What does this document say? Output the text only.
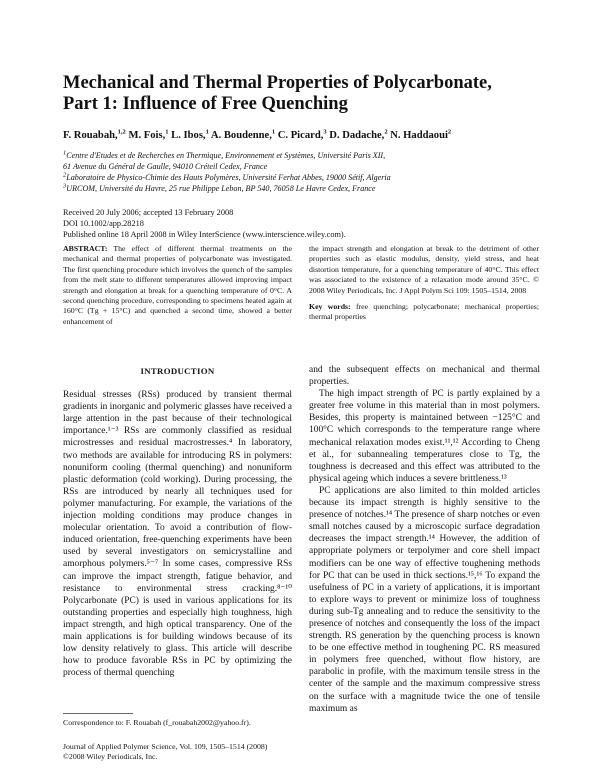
Mechanical and Thermal Properties of Polycarbonate,
Part 1: Influence of Free Quenching
F. Rouabah,$^{1,2}$ M. Fois,$^1$ L. Ibos,$^1$ A. Boudenne,$^1$ C. Picard,$^3$ D. Dadache,$^2$ N. Haddaoui$^2$
$^1$Centre d'Etudes et de Recherches en Thermique, Environnement et Systèmes, Université Paris XII,
61 Avenue du Général de Gaulle, 94010 Créteil Cedex, France
$^2$Laboratoire de Physico-Chimie des Hauts Polymères, Université Ferhat Abbes, 19000 Sétif, Algeria
$^3$URCOM, Université du Havre, 25 rue Philippe Lebon, BP 540, 76058 Le Havre Cedex, France
Received 20 July 2006; accepted 13 February 2008
DOI 10.1002/app.28218
Published online 18 April 2008 in Wiley InterScience (www.interscience.wiley.com).

ABSTRACT: The effect of different thermal treatments on the mechanical and thermal properties of polycarbonate was investigated. The first quenching procedure which involves the quench of the samples from the melt state to different temperatures allowed improving impact strength and elongation at break for a quenching temperature of 0°C. A second quenching procedure, corresponding to specimens heated again at 160°C (Tg + 15°C) and quenched a second time, showed a better enhancement of

the impact strength and elongation at break to the detriment of other properties such as elastic modulus, density, yield stress, and heat distortion temperature, for a quenching temperature of 40°C. This effect was associated to the existence of a relaxation mode around 35°C. © 2008 Wiley Periodicals, Inc. J Appl Polym Sci 109: 1505–1514, 2008

Key words: free quenching; polycarbonate; mechanical properties; thermal properties

INTRODUCTION

Residual stresses (RSs) produced by transient thermal gradients in inorganic and polymeric glasses have received a large attention in the past because of their technological importance.¹⁻³ RSs are commonly classified as residual microstresses and residual macrostresses.⁴ In laboratory, two methods are available for introducing RS in polymers: nonuniform cooling (thermal quenching) and nonuniform plastic deformation (cold working). During processing, the RSs are introduced by nearly all techniques used for polymer manufacturing. For example, the variations of the injection molding conditions may produce changes in molecular orientation. To avoid a contribution of flow-induced orientation, free-quenching experiments have been used by several investigators on semicrystalline and amorphous polymers.⁵⁻⁷ In some cases, compressive RSs can improve the impact strength, fatigue behavior, and resistance to environmental stress cracking.⁸⁻¹⁰ Polycarbonate (PC) is used in various applications for its outstanding properties and especially high toughness, high impact strength, and high optical transparency. One of the main applications is for building windows because of its low density relatively to glass. This article will describe how to produce favorable RSs in PC by optimizing the process of thermal quenching

and the subsequent effects on mechanical and thermal properties.

The high impact strength of PC is partly explained by a greater free volume in this material than in most polymers. Besides, this property is maintained between −125°C and 100°C which corresponds to the temperature range where mechanical relaxation modes exist.¹¹,¹² According to Cheng et al., for subannealing temperatures close to Tg, the toughness is decreased and this effect was attributed to the physical ageing which induces a severe brittleness.¹³

PC applications are also limited to thin molded articles because its impact strength is highly sensitive to the presence of notches.¹⁴ The presence of sharp notches or even small notches caused by a microscopic surface degradation decreases the impact strength.¹⁴ However, the addition of appropriate polymers or terpolymer and core shell impact modifiers can be one way of effective toughening methods for PC that can be used in thick sections.¹⁵,¹⁶ To expand the usefulness of PC in a variety of applications, it is important to explore ways to prevent or minimize loss of toughness during sub-Tg annealing and to reduce the sensitivity to the presence of notches and consequently the loss of the impact strength. RS generation by the quenching process is known to be one effective method in toughening PC. RS measured in polymers free quenched, without flow history, are parabolic in profile, with the maximum tensile stress in the center of the sample and the maximum compressive stress on the surface with a magnitude twice the one of tensile maximum as

Correspondence to: F. Rouabah (f_rouabah2002@yahoo.fr).
Journal of Applied Polymer Science, Vol. 109, 1505–1514 (2008)
©2008 Wiley Periodicals, Inc.
